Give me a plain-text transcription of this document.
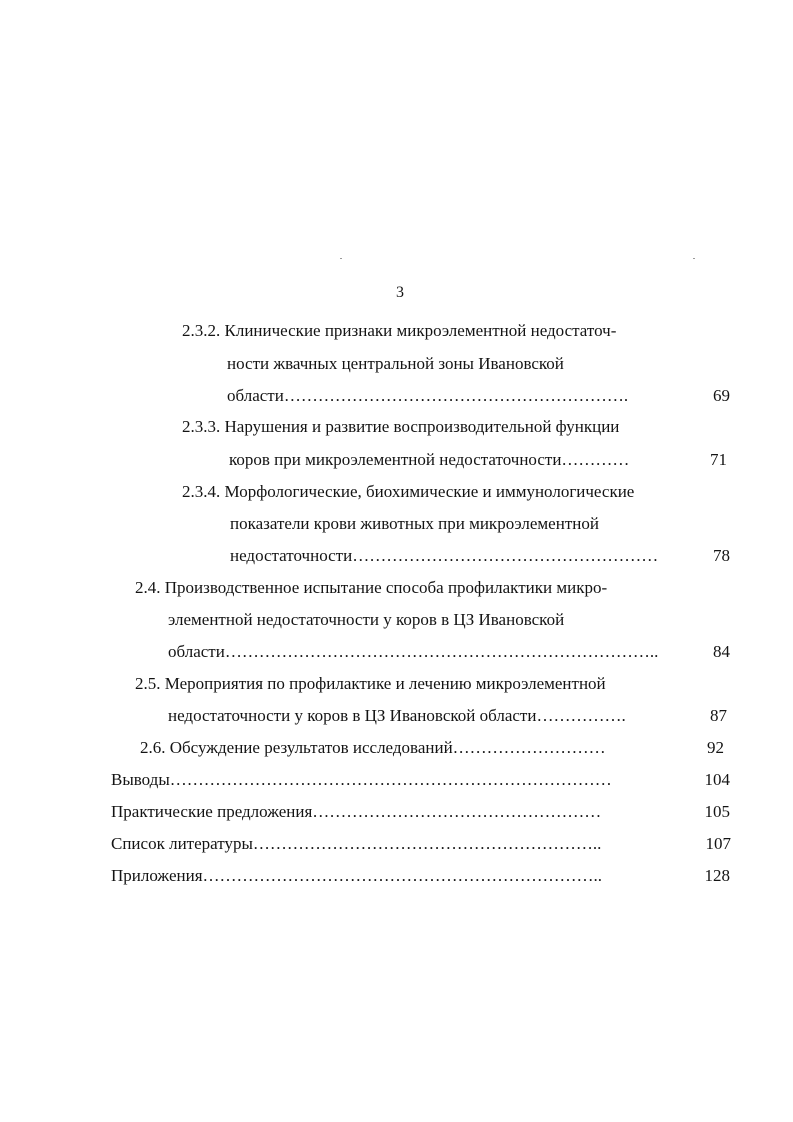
3
2.3.2. Клинические признаки микроэлементной недостаточ-
ности жвачных центральной зоны Ивановской
области…………………………………………………….	69
2.3.3. Нарушения и развитие воспроизводительной функции
коров при микроэлементной недостаточности…………	71
2.3.4. Морфологические, биохимические и иммунологические
показатели крови животных при микроэлементной
недостаточности………………………………………………	78
2.4. Производственное испытание способа профилактики микро-
элементной недостаточности у коров в ЦЗ Ивановской
области…………………………………………………………………..	84
2.5. Мероприятия по профилактике и лечению микроэлементной
недостаточности у коров в ЦЗ Ивановской области…………….	87
2.6. Обсуждение результатов исследований………………………	92
Выводы……………………………………………………………………	104
Практические предложения……………………………………………	105
Список литературы……………………………………………………..	107
Приложения……………………………………………………………..	128
